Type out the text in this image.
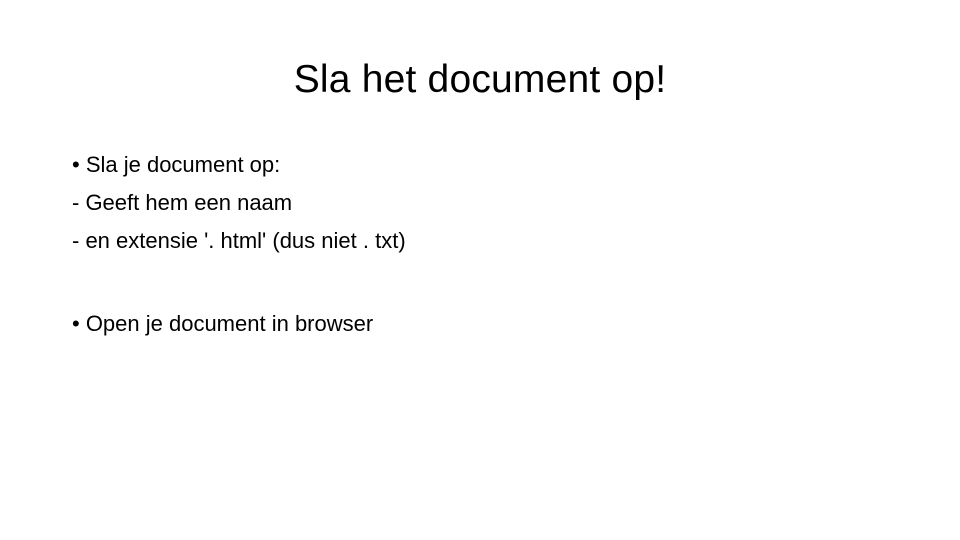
Sla het document op!

• Sla je document op:

- Geeft hem een naam

- en extensie '. html' (dus niet . txt)

• Open je document in browser
